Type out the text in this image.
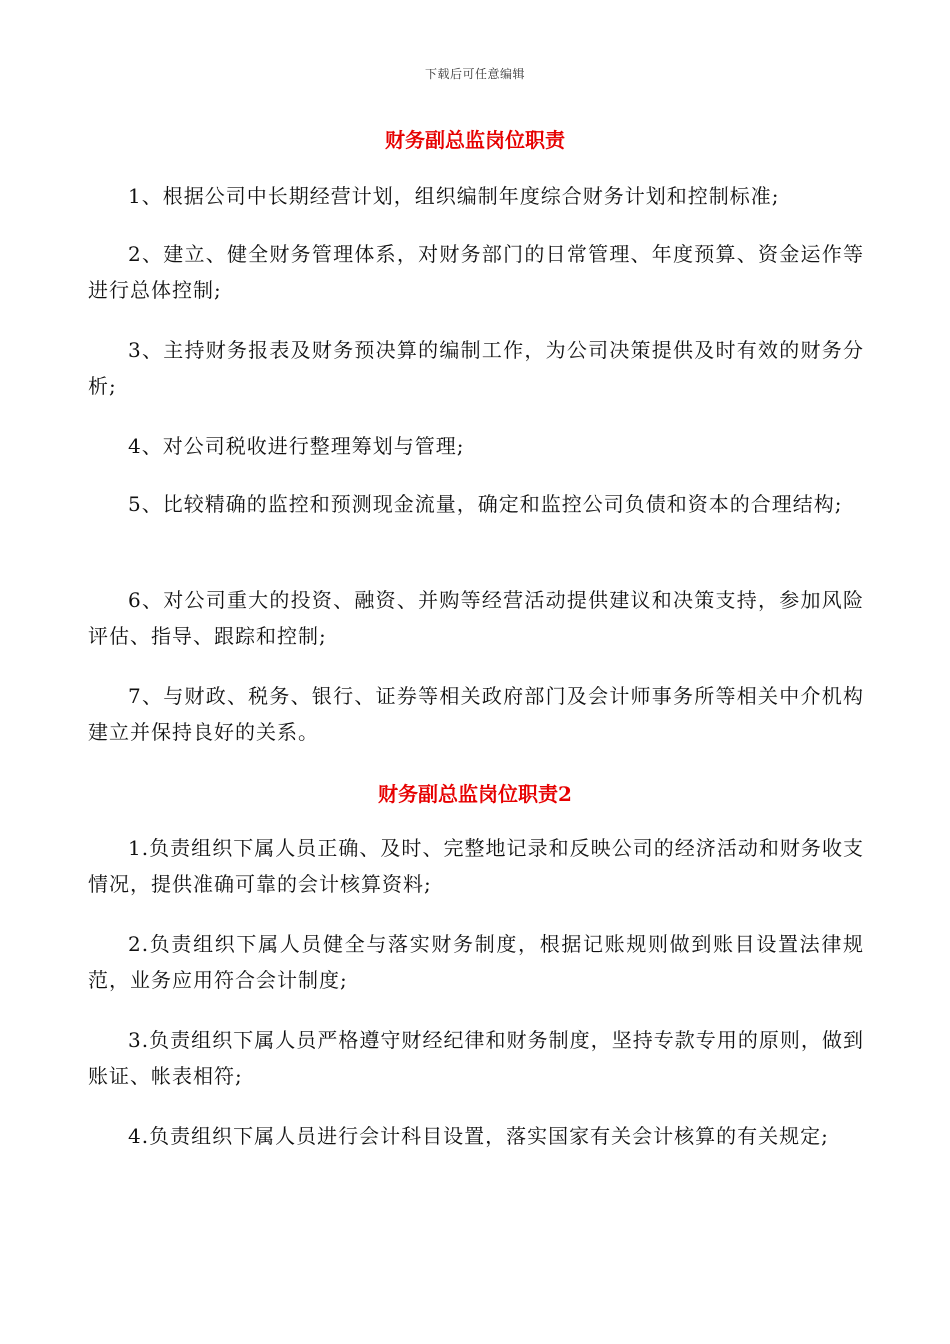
下载后可任意编辑
财务副总监岗位职责

1、根据公司中长期经营计划，组织编制年度综合财务计划和控制标准;

2、建立、健全财务管理体系，对财务部门的日常管理、年度预算、资金运作等进行总体控制;

3、主持财务报表及财务预决算的编制工作，为公司决策提供及时有效的财务分析;

4、对公司税收进行整理筹划与管理;

5、比较精确的监控和预测现金流量，确定和监控公司负债和资本的合理结构;

6、对公司重大的投资、融资、并购等经营活动提供建议和决策支持，参加风险评估、指导、跟踪和控制;

7、与财政、税务、银行、证券等相关政府部门及会计师事务所等相关中介机构建立并保持良好的关系。

财务副总监岗位职责2

1.负责组织下属人员正确、及时、完整地记录和反映公司的经济活动和财务收支情况，提供准确可靠的会计核算资料;

2.负责组织下属人员健全与落实财务制度，根据记账规则做到账目设置法律规范，业务应用符合会计制度;

3.负责组织下属人员严格遵守财经纪律和财务制度，坚持专款专用的原则，做到账证、帐表相符;

4.负责组织下属人员进行会计科目设置，落实国家有关会计核算的有关规定;
